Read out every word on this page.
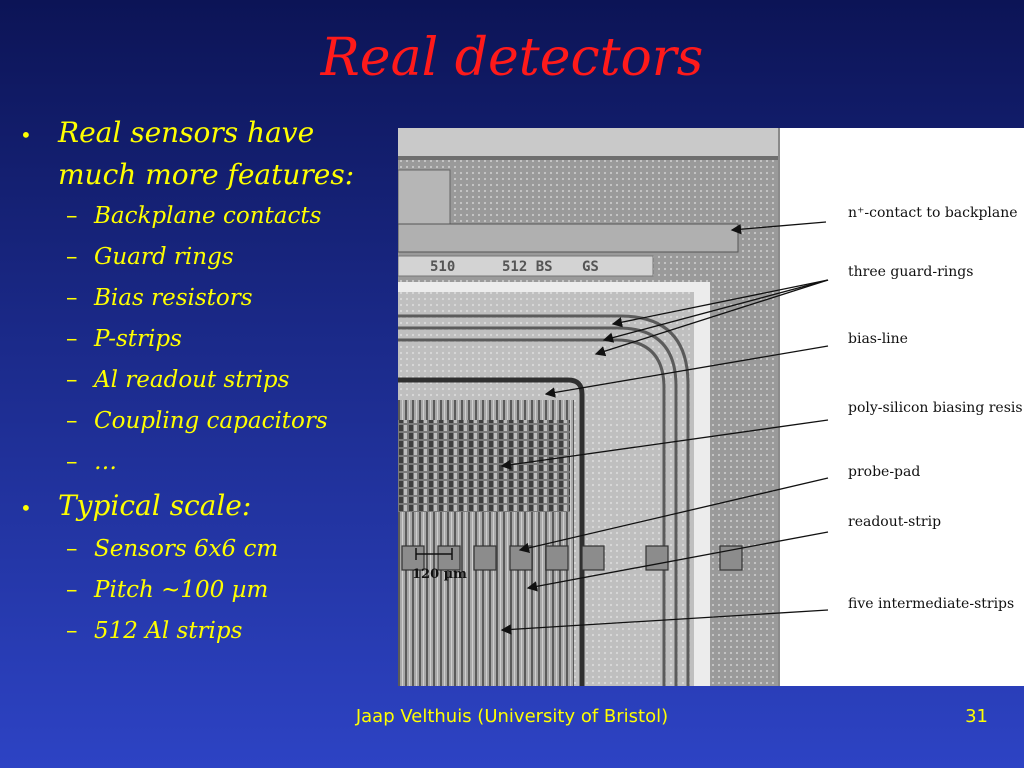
Real detectors
• Real sensors have much more features:
– Backplane contacts
– Guard rings
– Bias resistors
– P-strips
– Al readout strips
– Coupling capacitors
– …
• Typical scale:
– Sensors 6x6 cm
– Pitch ~100 µm
– 512 Al strips
510	512 BS GS
120 µm
n⁺-contact to backplane
three guard-rings
bias-line
poly-silicon biasing resis
probe-pad
readout-strip
five intermediate-strips
Jaap Velthuis (University of Bristol)	31
